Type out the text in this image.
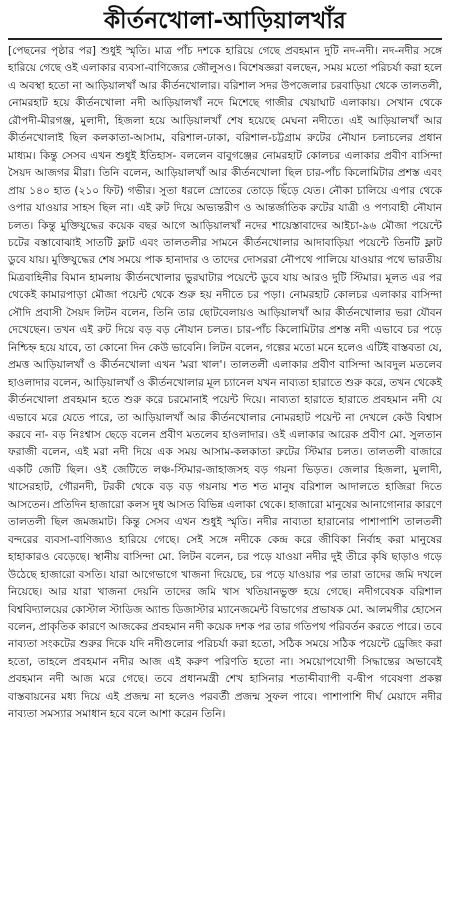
কীর্তনখোলা-আড়িয়ালখাঁর

[পেছনের পৃষ্ঠার পর] শুধুই স্মৃতি। মাত্র পাঁচ দশকে হারিয়ে গেছে প্রবহমান দুটি নদ-নদী। নদ-নদীর সঙ্গে হারিয়ে গেছে ওই এলাকার ব্যবসা-বাণিজ্যের জৌলুসও। বিশেষজ্ঞরা বলছেন, সময় মতো পরিচর্যা করা হলে এ অবস্থা হতো না আড়িয়ালখাঁ আর কীর্তনখোলার। বরিশাল সদর উপজেলার চরবাড়িয়া থেকে তালতলী, নোমরহাট হয়ে কীর্তনখোলা নদী আড়িয়ালখাঁ নদে মিশেছে গাজীর খেয়াঘাট এলাকায়। সেখান থেকে রৌপদী-মীরগঞ্জ, মুলাদী, হিজলা হয়ে আড়িয়ালখাঁ শেষ হয়েছে মেঘনা নদীতে। এই আড়িয়ালখাঁ আর কীর্তনখোলাই ছিল কলকাতা-আসাম, বরিশাল-ঢাকা, বরিশাল-চট্টগ্রাম রুটের নৌযান চলাচলের প্রধান মাধ্যম। কিন্তু সেসব এখন শুধুই ইতিহাস- বললেন বাবুগঞ্জের নোমরহাট কোলচর এলাকার প্রবীণ বাসিন্দা সৈয়দ আজগর মীরা। তিনি বলেন, আড়িয়ালখাঁ আর কীর্তনখোলা ছিল চার-পাঁচ কিলোমিটার প্রশস্ত এবং প্রায় ১৪০ হাত (২১০ ফিট) গভীর। সুতা ধরলে স্রোতের তোড়ে ছিঁড়ে যেত। নৌকা চালিয়ে এপার থেকে ওপার যাওয়ার সাহস ছিল না। এই রুট দিয়ে অভ্যন্তরীণ ও আন্তর্জাতিক রুটের যাত্রী ও পণ্যবাহী নৌযান চলত। কিন্তু মুক্তিযুদ্ধের কয়েক বছর আগে আড়িয়ালখাঁ নদের শায়েস্তাবাদের আইচা-৯৬ মৌজা পয়েন্টে চটের বস্তাবোঝাই সাতটি ফ্লাট এবং তালতলীর সামনে কীর্তনখোলার আদাবাড়িয়া পয়েন্টে তিনটি ফ্লাট ডুবে যায়। মুক্তিযুদ্ধের শেষ সময়ে পাক হানাদার ও তাদের দোসররা নৌপথে পালিয়ে যাওয়ার পথে ভারতীয় মিত্রবাহিনীর বিমান হামলায় কীর্তনখোলার ভুরঘাটার পয়েন্টে ডুবে যায় আরও দুটি স্টিমার। মূলত এর পর থেকেই কামারপাড়া মৌজা পয়েন্ট থেকে শুরু হয় নদীতে চর পড়া। নোমরহাট কোলচর এলাকার বাসিন্দা সৌদি প্রবাসী সৈয়দ লিটন বলেন, তিনি তার ছোটবেলায়ও আড়িয়ালখাঁ আর কীর্তনখোলার ভরা যৌবন দেখেছেন। তখন এই রুট দিয়ে বড় বড় নৌযান চলত। চার-পাঁচ কিলোমিটার প্রশস্ত নদী এভাবে চর পড়ে নিশ্চিহ্ন হয়ে যাবে, তা কোনো দিন কেউ ভাবেনি। লিটন বলেন, গল্পের মতো মনে হলেও এটিই বাস্তবতা যে, প্রমত্ত আড়িয়ালখাঁ ও কীর্তনখোলা এখন 'মরা খাল'। তালতলী এলাকার প্রবীণ বাসিন্দা আবদুল মতলেব হাওলাদার বলেন, আড়িয়ালখাঁ ও কীর্তনখোলার মূল চ্যানেল যখন নাব্যতা হারাতে শুরু করে, তখন থেকেই কীর্তনখোলা প্রবহমান হতে শুরু করে চরমোনাই পয়েন্ট দিয়ে। নাব্যতা হারাতে হারাতে প্রবহমান নদী যে এভাবে মরে যেতে পারে, তা আড়িয়ালখাঁ আর কীর্তনখোলার নোমরহাট পয়েন্ট না দেখলে কেউ বিশ্বাস করবে না- বড় নিঃশ্বাস ছেড়ে বলেন প্রবীণ মতলেব হাওলাদার। ওই এলাকার আরেক প্রবীণ মো. সুলতান ফরাজী বলেন, এই মরা নদী দিয়ে এক সময় আসাম-কলকাতা রুটের স্টিমার চলত। তালতলী বাজারে একটি জেটি ছিল। ওই জেটিতে লঞ্চ-স্টিমার-জাহাজসহ বড় গয়না ভিড়ত। জেলার হিজলা, মুলাদী, খাসেরহাট, গৌরনদী, টরকী থেকে বড় বড় গয়নায় শত শত মানুষ বরিশাল আদালতে হাজিরা দিতে আসতেন। প্রতিদিন হাজারো কলস দুধ আসত বিভিন্ন এলাকা থেকে। হাজারো মানুষের আনাগোনার কারণে তালতলী ছিল জমজমাট। কিন্তু সেসব এখন শুধুই স্মৃতি। নদীর নাব্যতা হারানোর পাশাপাশি তালতলী বন্দরের ব্যবসা-বাণিজ্যও হারিয়ে গেছে। সেই সঙ্গে নদীকে কেন্দ্র করে জীবিকা নির্বাহ করা মানুষের হাহাকারও বেড়েছে। স্থানীয় বাসিন্দা মো. লিটন বলেন, চর পড়ে যাওয়া নদীর দুই তীরে কৃষি ছাড়াও গড়ে উঠেছে হাজারো বসতি। যারা আগেভাগে খাজনা দিয়েছে, চর পড়ে যাওয়ার পর তারা তাদের জমি দখলে নিয়েছে। আর যারা খাজনা দেয়নি তাদের জমি খাস খতিয়ানভুক্ত হয়ে গেছে। নদীগবেষক বরিশাল বিশ্ববিদ্যালয়ের কোস্টাল স্টাডিজ অ্যান্ড ডিজাস্টার ম্যানেজমেন্ট বিভাগের প্রভাষক মো. আলমগীর হোসেন বলেন, প্রাকৃতিক কারণে আজকের প্রবহমান নদী কয়েক দশক পর তার গতিপথ পরিবর্তন করতে পারে। তবে নাব্যতা সংকটের শুরুর দিকে যদি নদীগুলোর পরিচর্যা করা হতো, সঠিক সময়ে সঠিক পয়েন্টে ড্রেজিং করা হতো, তাহলে প্রবহমান নদীর আজ এই করুণ পরিণতি হতো না। সময়োপযোগী সিদ্ধান্তের অভাবেই প্রবহমান নদী আজ মরে গেছে। তবে প্রধানমন্ত্রী শেখ হাসিনার শতাব্দীব্যাপী ব-দ্বীপ গবেষণা প্রকল্প বাস্তবায়নের মধ্য দিয়ে এই প্রজন্ম না হলেও পরবর্তী প্রজন্ম সুফল পাবে। পাশাপাশি দীর্ঘ মেয়াদে নদীর নাব্যতা সমস্যার সমাধান হবে বলে আশা করেন তিনি।
